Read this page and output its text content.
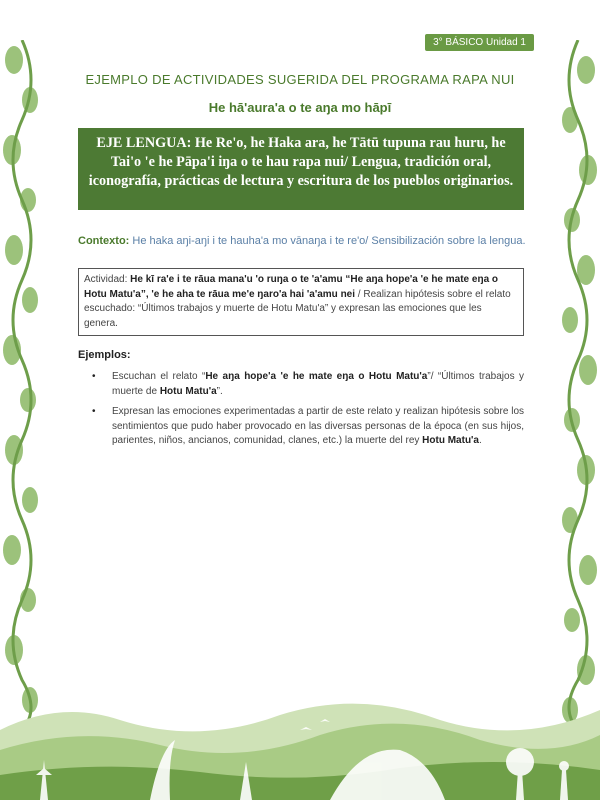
3° BÁSICO Unidad 1
EJEMPLO DE ACTIVIDADES SUGERIDA DEL PROGRAMA RAPA NUI
He hā'aura'a o te aŋa mo hāpī
EJE LENGUA: He Re'o, he Haka ara, he Tātū tupuna rau huru, he Tai'o 'e he Pāpa'i iŋa o te hau rapa nui/ Lengua, tradición oral, iconografía, prácticas de lectura y escritura de los pueblos originarios.
Contexto: He haka aŋi-aŋi i te hauha'a mo vānaŋa i te re'o/ Sensibilización sobre la lengua.
Actividad: He kī ra'e i te rāua mana'u 'o ruŋa o te 'a'amu “He aŋa hope'a 'e he mate eŋa o Hotu Matu'a”, 'e he aha te rāua me'e ŋaro'a hai 'a'amu nei / Realizan hipótesis sobre el relato escuchado: “Últimos trabajos y muerte de Hotu Matu'a” y expresan las emociones que les genera.
Ejemplos:
• Escuchan el relato “He aŋa hope'a 'e he mate eŋa o Hotu Matu'a”/ “Últimos trabajos y muerte de Hotu Matu'a”.
• Expresan las emociones experimentadas a partir de este relato y realizan hipótesis sobre los sentimientos que pudo haber provocado en las diversas personas de la época (en sus hijos, parientes, niños, ancianos, comunidad, clanes, etc.) la muerte del rey Hotu Matu'a.
